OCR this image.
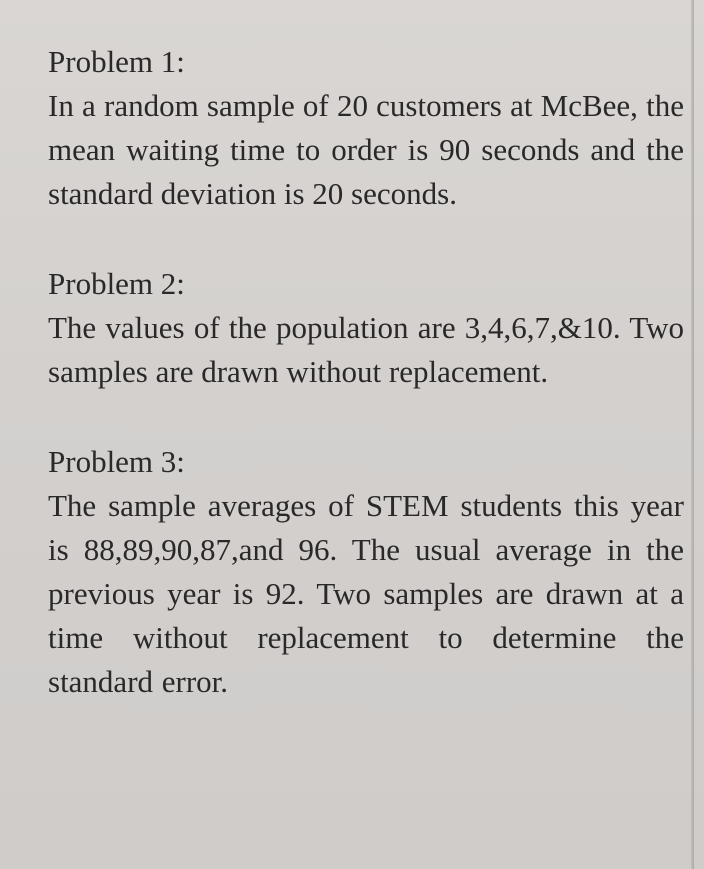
Problem 1:
In a random sample of 20 customers at McBee, the mean waiting time to order is 90 seconds and the standard deviation is 20 seconds.
Problem 2:
The values of the population are 3,4,6,7,&10. Two samples are drawn without replacement.
Problem 3:
The sample averages of STEM students this year is 88,89,90,87,and 96. The usual average in the previous year is 92. Two samples are drawn at a time without replacement to determine the standard error.
